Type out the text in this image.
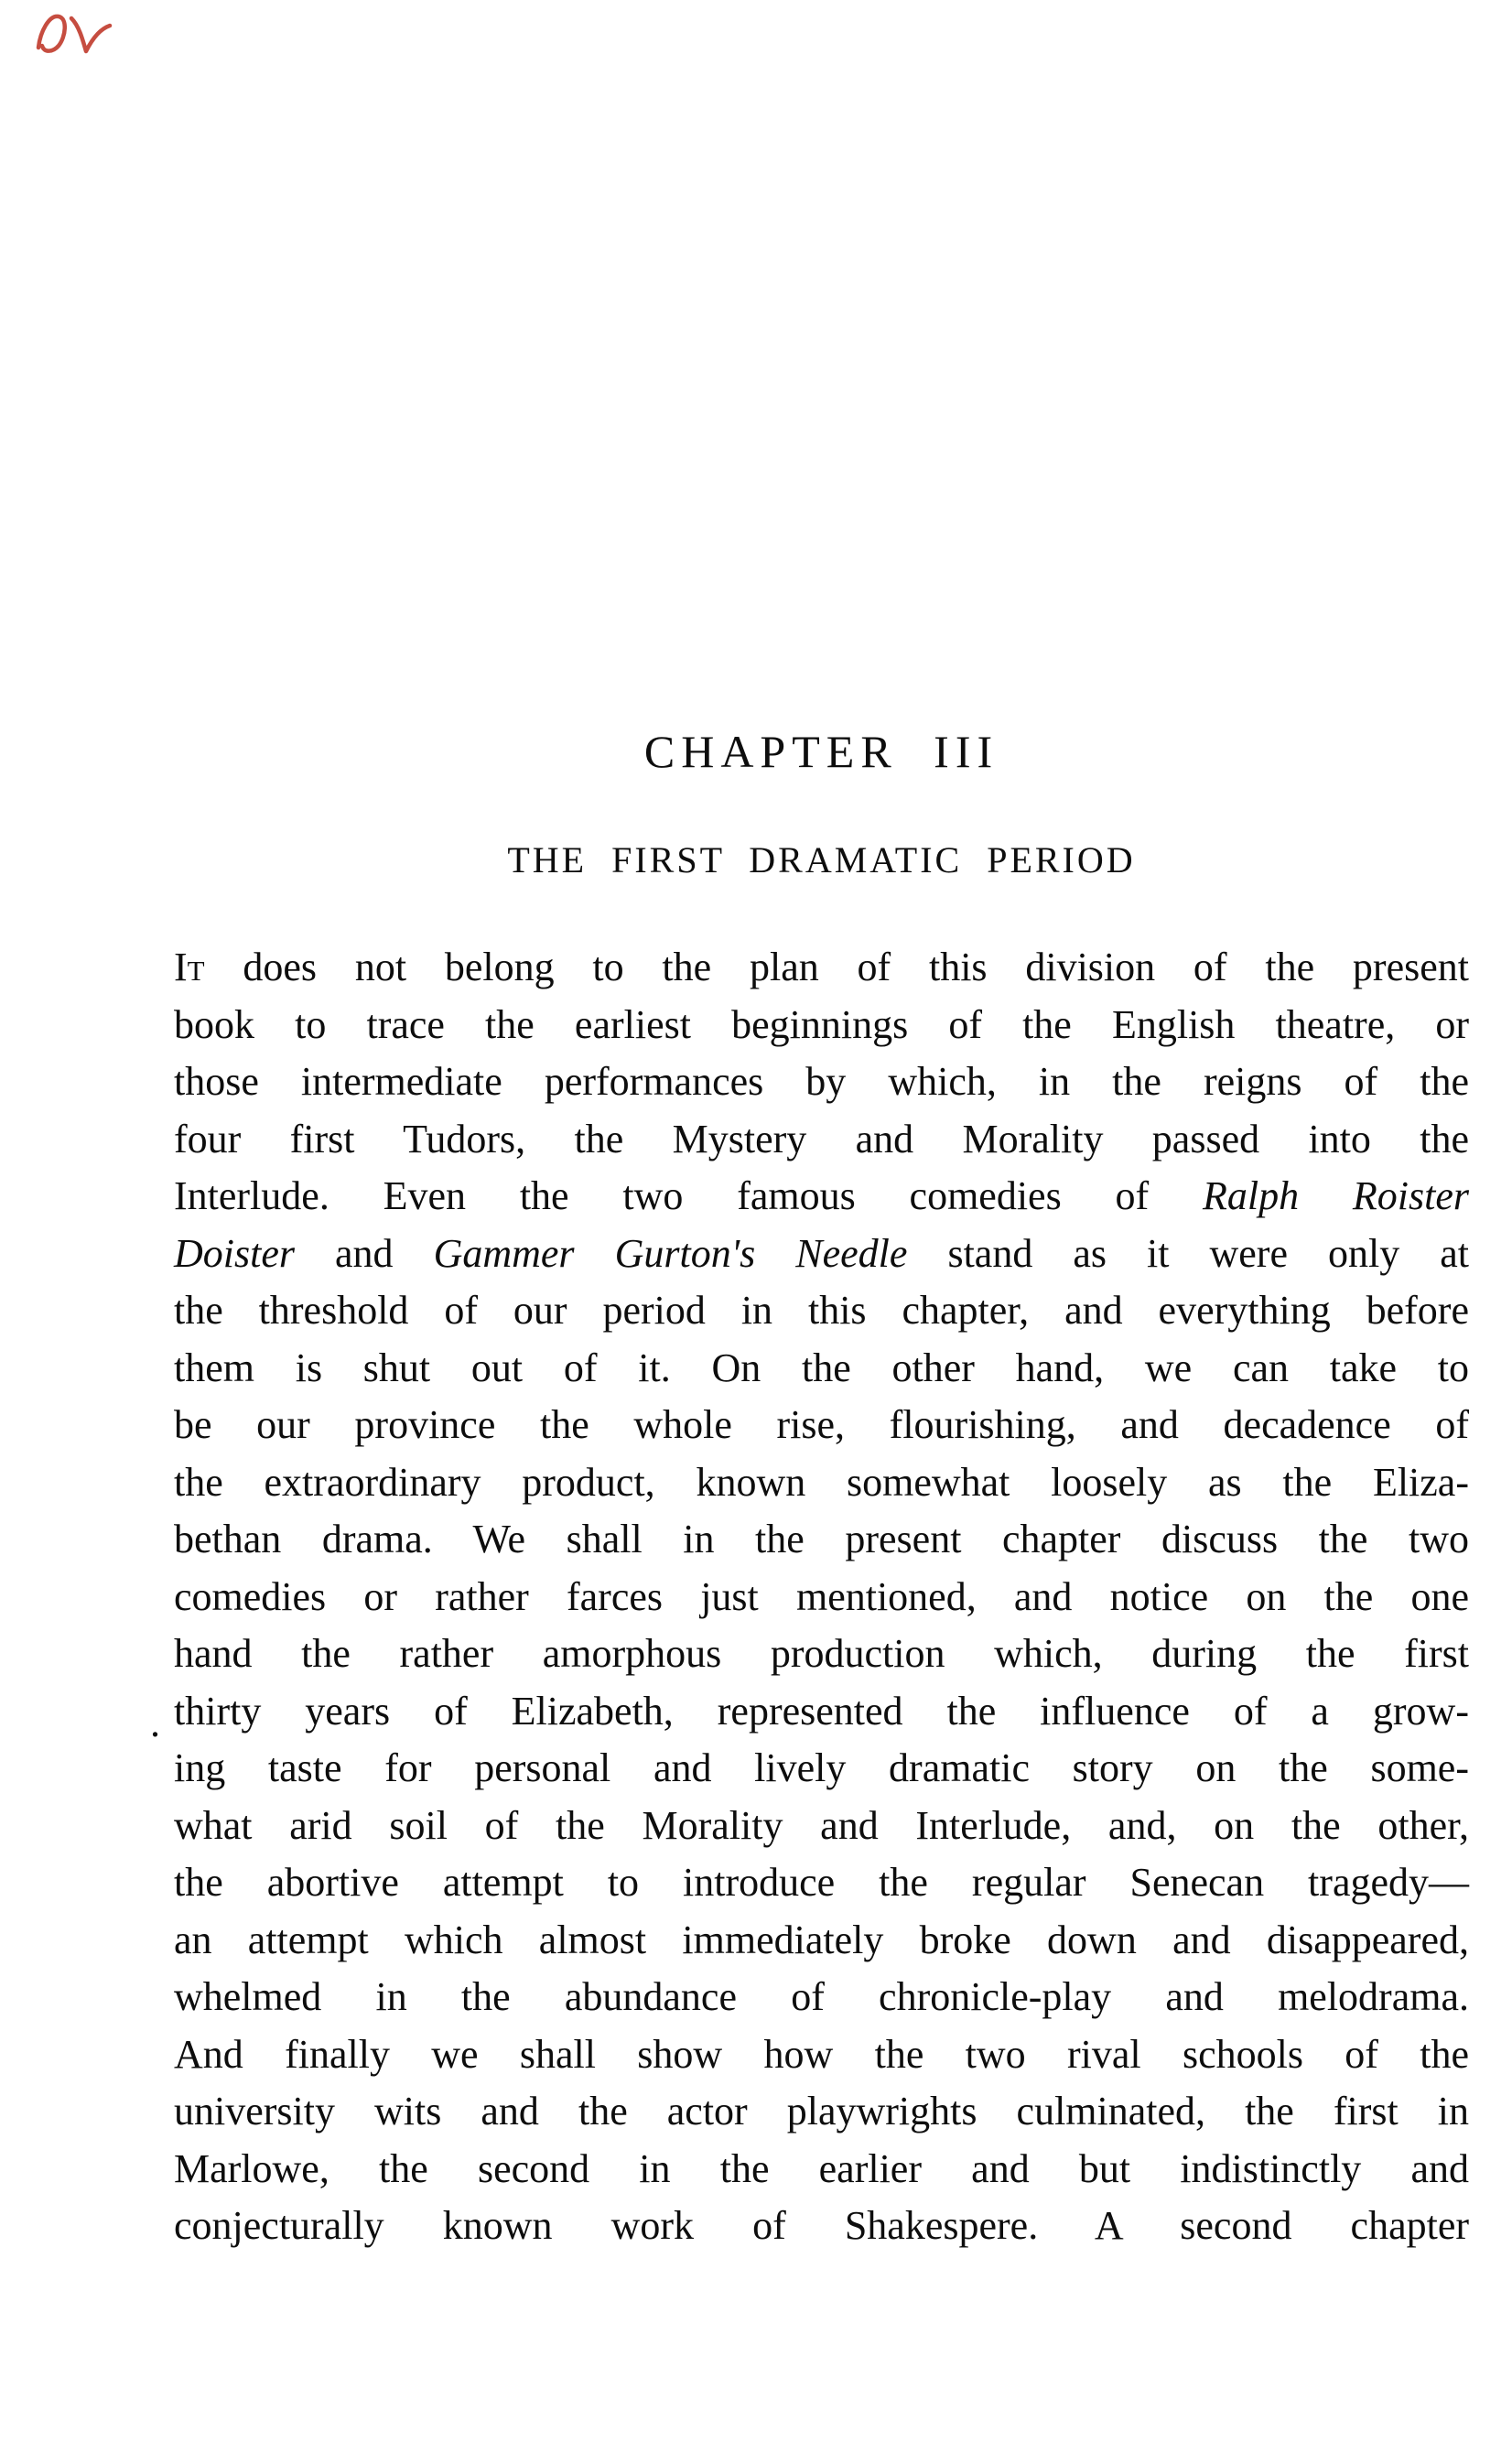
CHAPTER III
THE FIRST DRAMATIC PERIOD
It does not belong to the plan of this division of the present
book to trace the earliest beginnings of the English theatre, or
those intermediate performances by which, in the reigns of the
four first Tudors, the Mystery and Morality passed into the
Interlude. Even the two famous comedies of Ralph Roister
Doister and Gammer Gurton's Needle stand as it were only at
the threshold of our period in this chapter, and everything before
them is shut out of it. On the other hand, we can take to
be our province the whole rise, flourishing, and decadence of
the extraordinary product, known somewhat loosely as the Eliza-
bethan drama. We shall in the present chapter discuss the two
comedies or rather farces just mentioned, and notice on the one
hand the rather amorphous production which, during the first
thirty years of Elizabeth, represented the influence of a grow-
ing taste for personal and lively dramatic story on the some-
what arid soil of the Morality and Interlude, and, on the other,
the abortive attempt to introduce the regular Senecan tragedy—
an attempt which almost immediately broke down and disappeared,
whelmed in the abundance of chronicle-play and melodrama.
And finally we shall show how the two rival schools of the
university wits and the actor playwrights culminated, the first in
Marlowe, the second in the earlier and but indistinctly and
conjecturally known work of Shakespere. A second chapter
.
